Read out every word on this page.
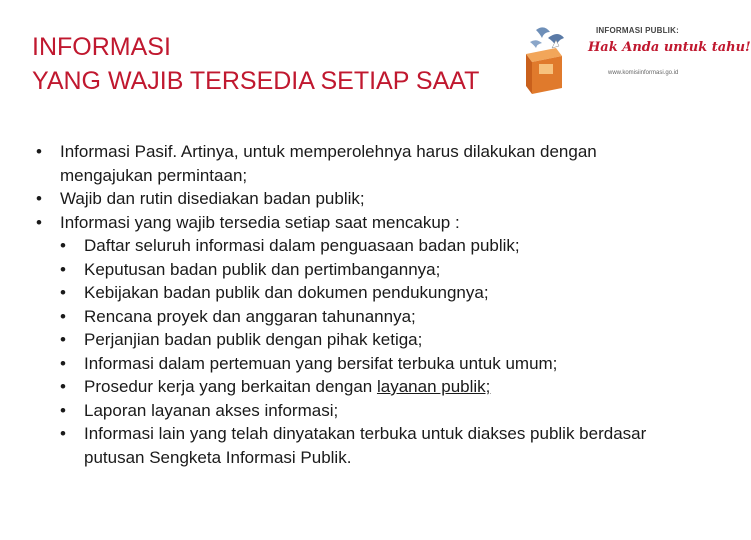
INFORMASI
YANG WAJIB TERSEDIA SETIAP SAAT
INFORMASI PUBLIK:
Hak Anda untuk tahu!
www.komisiinformasi.go.id
•	Informasi Pasif. Artinya, untuk memperolehnya harus dilakukan dengan mengajukan permintaan;
•	Wajib dan rutin disediakan badan publik;
•	Informasi yang wajib tersedia setiap saat mencakup :
•	Daftar seluruh informasi dalam penguasaan badan publik;
•	Keputusan badan publik dan pertimbangannya;
•	Kebijakan badan publik dan dokumen pendukungnya;
•	Rencana proyek dan anggaran tahunannya;
•	Perjanjian badan publik dengan pihak ketiga;
•	Informasi dalam pertemuan yang bersifat terbuka untuk umum;
•	Prosedur kerja yang berkaitan dengan layanan publik;
•	Laporan layanan akses informasi;
•	Informasi lain yang telah dinyatakan terbuka untuk diakses publik berdasar putusan Sengketa Informasi Publik.
